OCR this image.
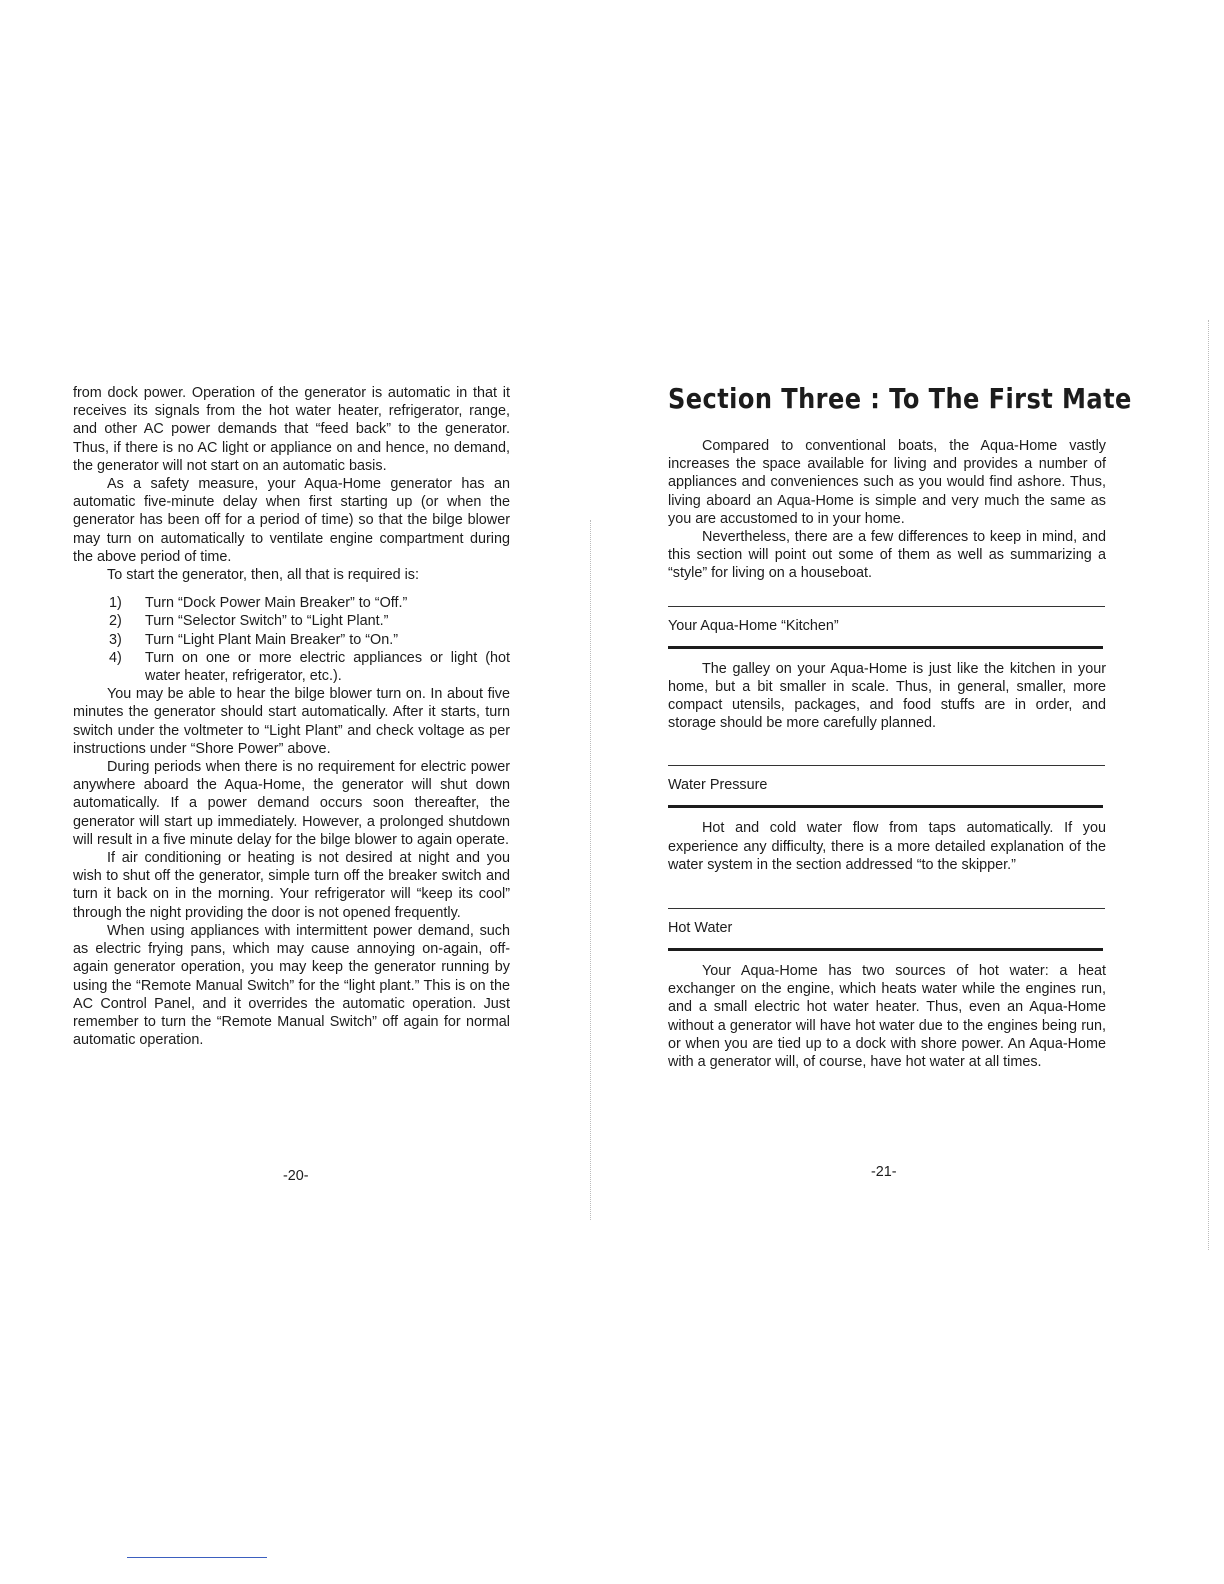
from dock power. Operation of the generator is automatic in that it receives its signals from the hot water heater, refrigerator, range, and other AC power demands that “feed back” to the generator. Thus, if there is no AC light or appliance on and hence, no demand, the generator will not start on an automatic basis.

As a safety measure, your Aqua-Home generator has an automatic five-minute delay when first starting up (or when the generator has been off for a period of time) so that the bilge blower may turn on automatically to ventilate engine compartment during the above period of time.

To start the generator, then, all that is required is:

1) Turn “Dock Power Main Breaker” to “Off.”
2) Turn “Selector Switch” to “Light Plant.”
3) Turn “Light Plant Main Breaker” to “On.”
4) Turn on one or more electric appliances or light (hot water heater, refrigerator, etc.).

You may be able to hear the bilge blower turn on. In about five minutes the generator should start automatically. After it starts, turn switch under the voltmeter to “Light Plant” and check voltage as per instructions under “Shore Power” above.

During periods when there is no requirement for electric power anywhere aboard the Aqua-Home, the generator will shut down automatically. If a power demand occurs soon thereafter, the generator will start up immediately. However, a prolonged shutdown will result in a five minute delay for the bilge blower to again operate.

If air conditioning or heating is not desired at night and you wish to shut off the generator, simple turn off the breaker switch and turn it back on in the morning. Your refrigerator will “keep its cool” through the night providing the door is not opened frequently.

When using appliances with intermittent power demand, such as electric frying pans, which may cause annoying on-again, off-again generator operation, you may keep the generator running by using the “Remote Manual Switch” for the “light plant.” This is on the AC Control Panel, and it overrides the automatic operation. Just remember to turn the “Remote Manual Switch” off again for normal automatic operation.

-20-
Section Three : To The First Mate

Compared to conventional boats, the Aqua-Home vastly increases the space available for living and provides a number of appliances and conveniences such as you would find ashore. Thus, living aboard an Aqua-Home is simple and very much the same as you are accustomed to in your home.

Nevertheless, there are a few differences to keep in mind, and this section will point out some of them as well as summarizing a “style” for living on a houseboat.

Your Aqua-Home “Kitchen”

The galley on your Aqua-Home is just like the kitchen in your home, but a bit smaller in scale. Thus, in general, smaller, more compact utensils, packages, and food stuffs are in order, and storage should be more carefully planned.

Water Pressure

Hot and cold water flow from taps automatically. If you experience any difficulty, there is a more detailed explanation of the water system in the section addressed “to the skipper.”

Hot Water

Your Aqua-Home has two sources of hot water: a heat exchanger on the engine, which heats water while the engines run, and a small electric hot water heater. Thus, even an Aqua-Home without a generator will have hot water due to the engines being run, or when you are tied up to a dock with shore power. An Aqua-Home with a generator will, of course, have hot water at all times.

-21-
